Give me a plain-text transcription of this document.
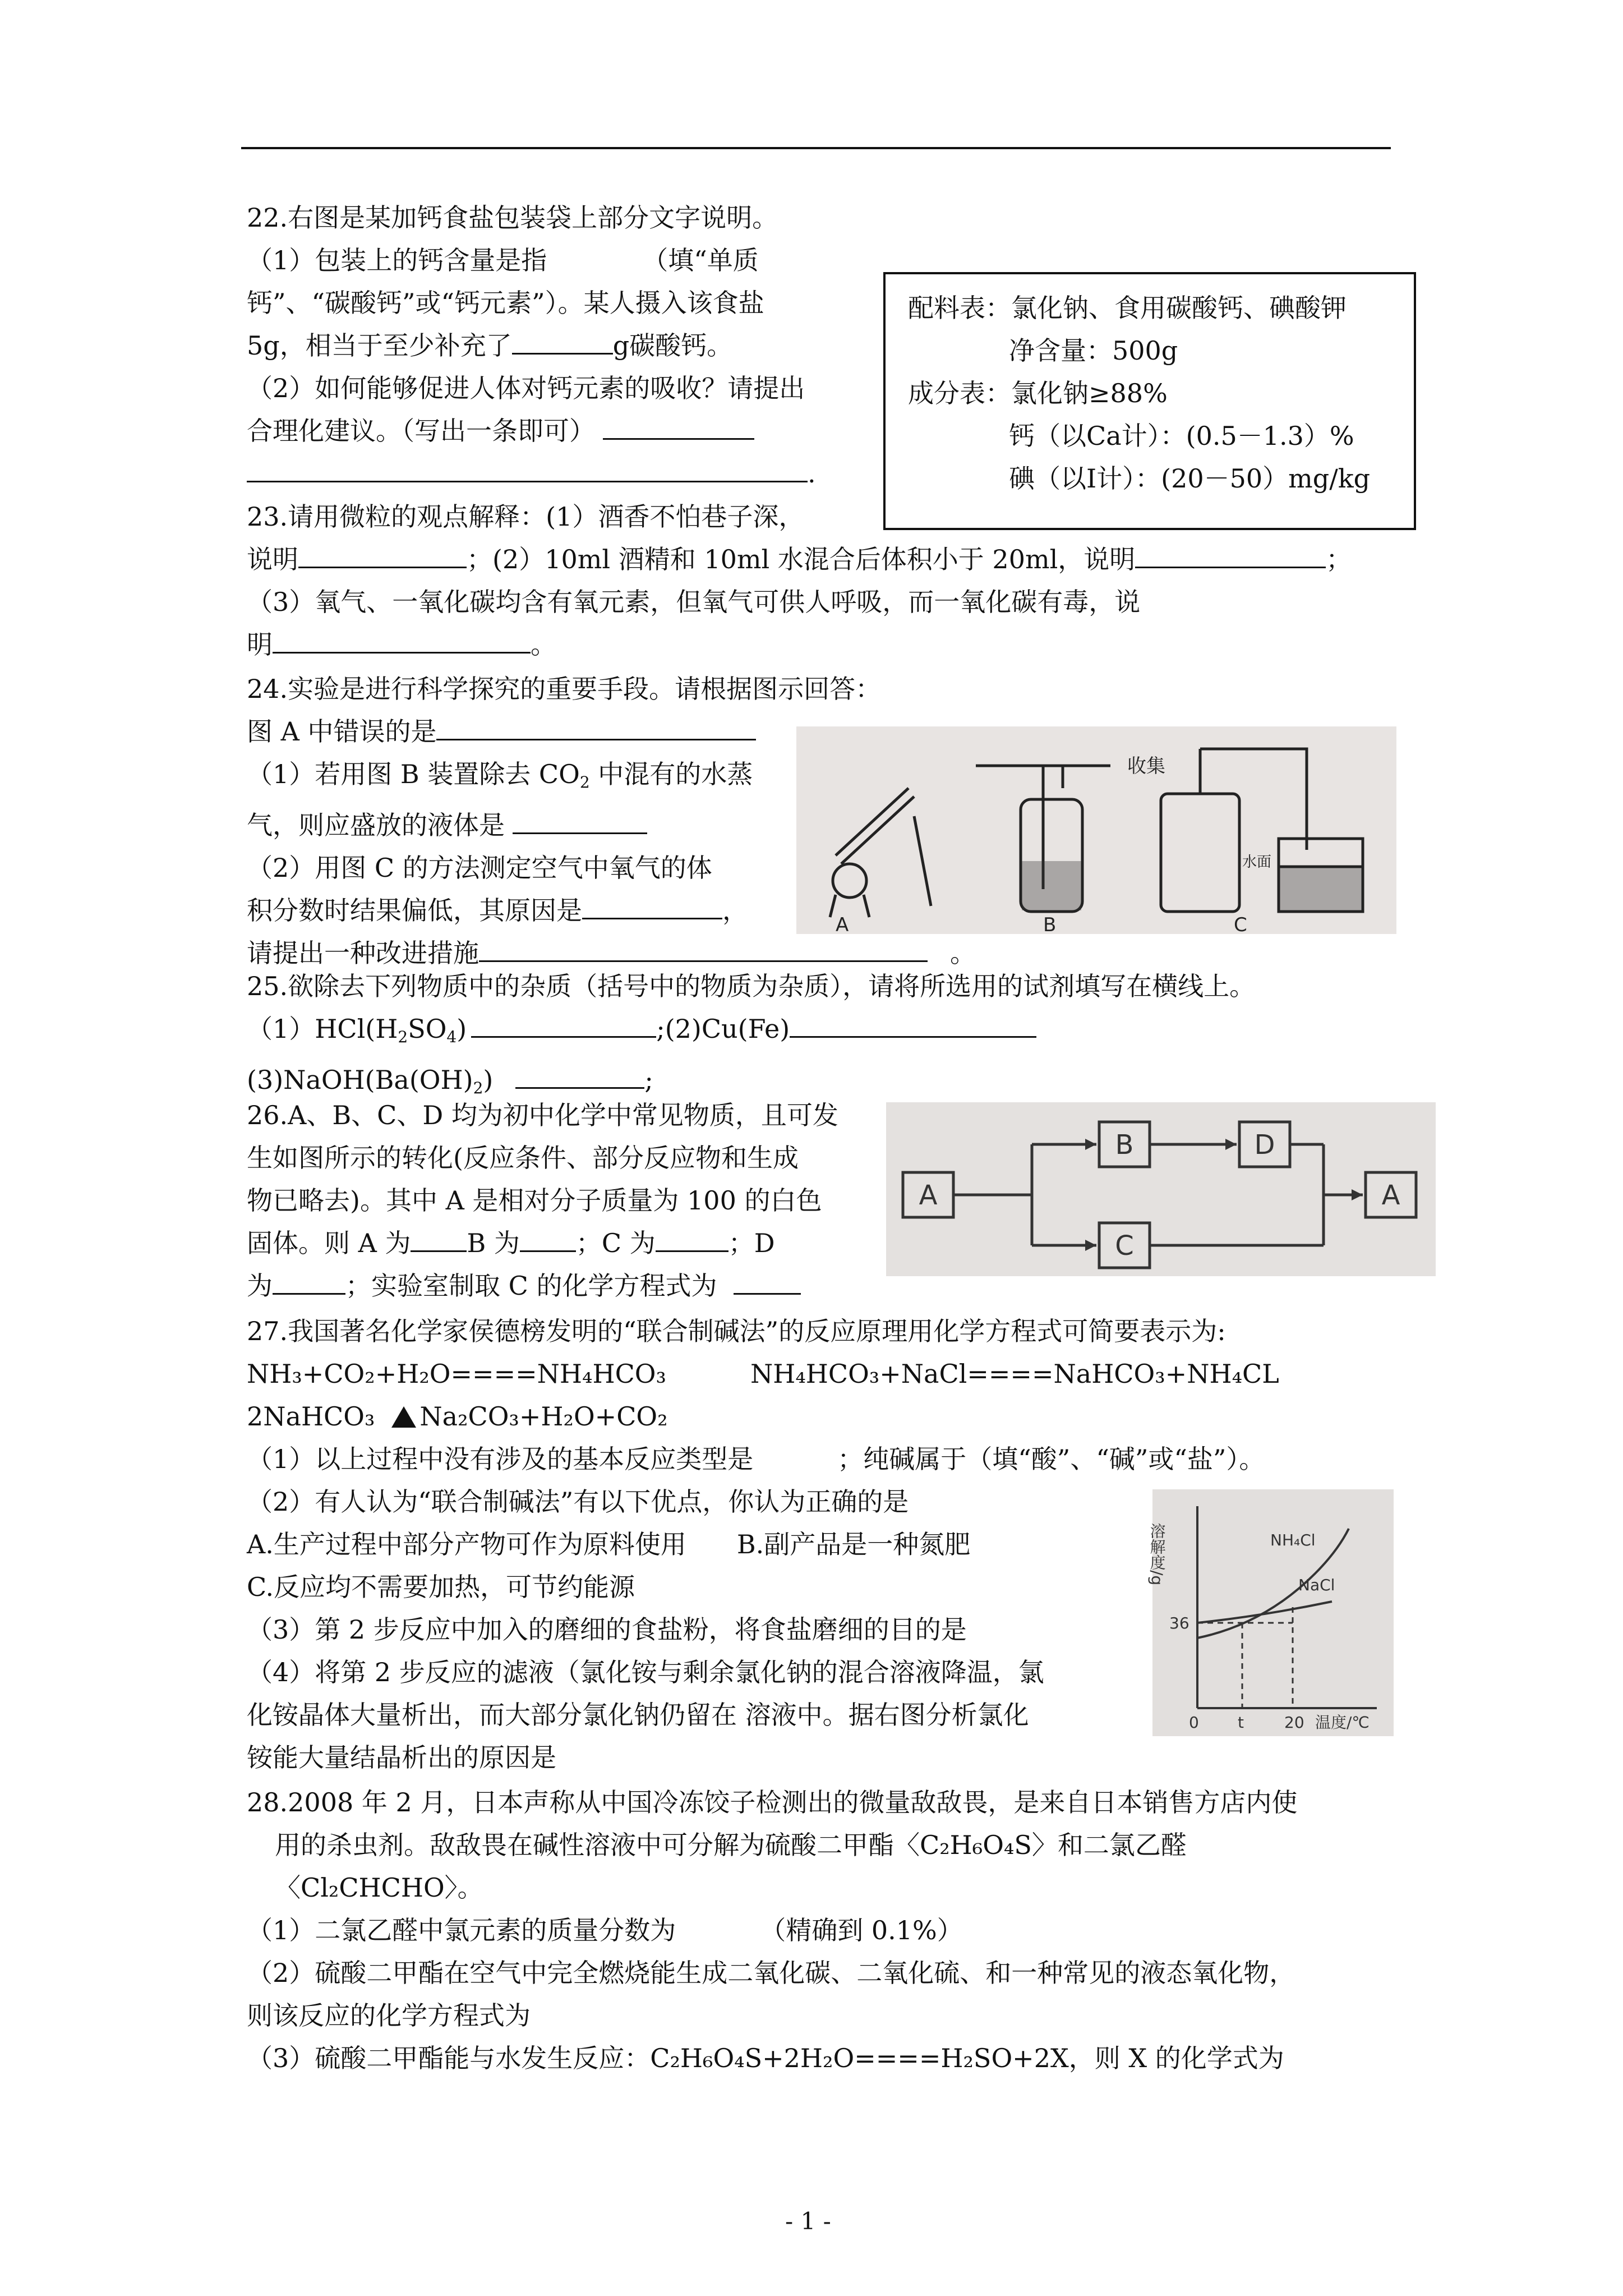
22.右图是某加钙食盐包装袋上部分文字说明。

（1）包装上的钙含量是指	（填“单质

钙”、“碳酸钙”或“钙元素”）。某人摄入该食盐

5g，相当于至少补充了	g碳酸钙。

（2）如何能够促进人体对钙元素的吸收？请提出

合理化建议。（写出一条即可）

.

配料表：氯化钠、食用碳酸钙、碘酸钾
净含量：500g
成分表：氯化钠≥88%
钙（以Ca计）：(0.5－1.3）%
碘（以I计）：(20－50）mg/kg

23.请用微粒的观点解释：(1）酒香不怕巷子深，

说明	；(2）10ml 酒精和 10ml 水混合后体积小于 20ml，说明	；

（3）氧气、一氧化碳均含有氧元素，但氧气可供人呼吸，而一氧化碳有毒，说

明	。

24.实验是进行科学探究的重要手段。请根据图示回答：

图 A 中错误的是

（1）若用图 B 装置除去 $CO_2$ 中混有的水蒸

气，则应盛放的液体是

（2）用图 C 的方法测定空气中氧气的体

积分数时结果偏低，其原因是	，

请提出一种改进措施	。

收集
水面
A	B	C

25.欲除去下列物质中的杂质（括号中的物质为杂质），请将所选用的试剂填写在横线上。

$(1)HCl(H_2SO_4)$	;(2)Cu(Fe)

$(3)NaOH(Ba(OH)_2)$	;

26.A、B、C、D 均为初中化学中常见物质，且可发

生如图所示的转化(反应条件、部分反应物和生成

物已略去)。其中 A 是相对分子质量为 100 的白色

固体。则 A 为 B 为 ；C 为	；D

为	；实验室制取 C 的化学方程式为

A
B
C
D
A

27.我国著名化学家侯德榜发明的“联合制碱法”的反应原理用化学方程式可简要表示为:

NH₃+CO₂+H₂O====NH₄HCO₃	NH₄HCO₃+NaCl====NaHCO₃+NH₄CL

2NaHCO₃ Na₂CO₃+H₂O+CO₂

（1）以上过程中没有涉及的基本反应类型是	；纯碱属于（填“酸”、“碱”或“盐”）。

（2）有人认为“联合制碱法”有以下优点，你认为正确的是

A.生产过程中部分产物可作为原料使用 B.副产品是一种氮肥

C.反应均不需要加热，可节约能源

（3）第 2 步反应中加入的磨细的食盐粉，将食盐磨细的目的是

（4）将第 2 步反应的滤液（氯化铵与剩余氯化钠的混合溶液降温，氯

化铵晶体大量析出，而大部分氯化钠仍留在 溶液中。据右图分析氯化

铵能大量结晶析出的原因是

溶解度/g	NH₄Cl
NaCl
36
0 t	20 温度/℃

28.2008 年 2 月，日本声称从中国冷冻饺子检测出的微量敌敌畏，是来自日本销售方店内使

用的杀虫剂。敌敌畏在碱性溶液中可分解为硫酸二甲酯〈C₂H₆O₄S〉和二氯乙醛

〈Cl₂CHCHO〉。

（1）二氯乙醛中氯元素的质量分数为	（精确到 0.1%）

（2）硫酸二甲酯在空气中完全燃烧能生成二氧化碳、二氧化硫、和一种常见的液态氧化物，

则该反应的化学方程式为

（3）硫酸二甲酯能与水发生反应：C₂H₆O₄S+2H₂O====H₂SO+2X，则 X 的化学式为

- 1 -
